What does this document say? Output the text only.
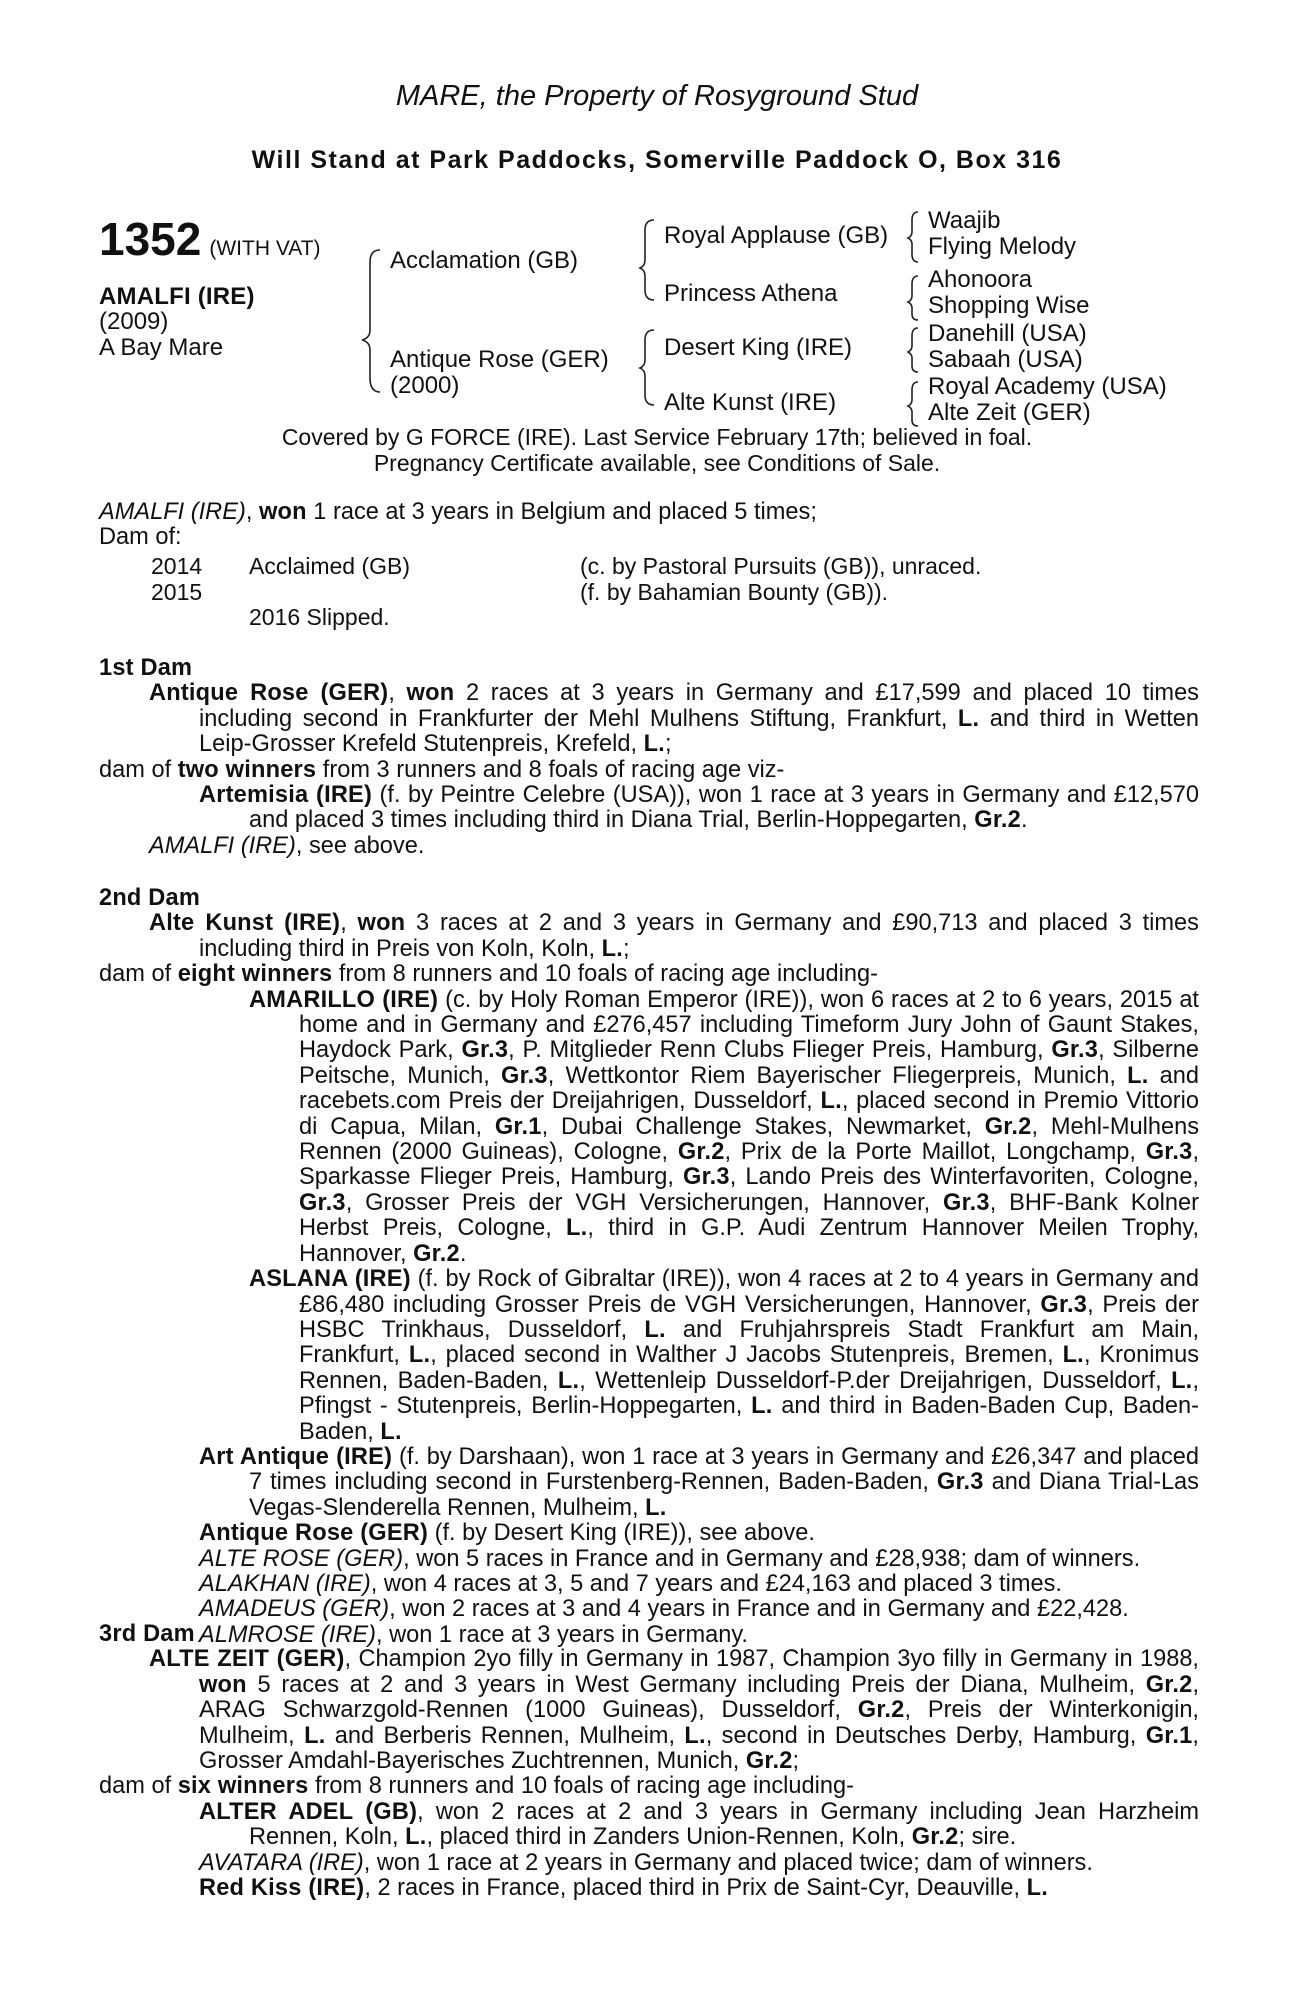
MARE, the Property of Rosyground Stud
Will Stand at Park Paddocks, Somerville Paddock O, Box 316
1352 (WITH VAT)
AMALFI (IRE)
(2009)
A Bay Mare
Acclamation (GB)
Antique Rose (GER)
(2000)
Royal Applause (GB)
Princess Athena
Desert King (IRE)
Alte Kunst (IRE)
Waajib
Flying Melody
Ahonoora
Shopping Wise
Danehill (USA)
Sabaah (USA)
Royal Academy (USA)
Alte Zeit (GER)
Covered by G FORCE (IRE). Last Service February 17th; believed in foal.
Pregnancy Certificate available, see Conditions of Sale.

AMALFI (IRE), won 1 race at 3 years in Belgium and placed 5 times;

Dam of:

2014 Acclaimed (GB)	(c. by Pastoral Pursuits (GB)), unraced.
2015	(f. by Bahamian Bounty (GB)).
2016 Slipped.

1st Dam

Antique Rose (GER), won 2 races at 3 years in Germany and £17,599 and placed 10 times including second in Frankfurter der Mehl Mulhens Stiftung, Frankfurt, L. and third in Wetten Leip-Grosser Krefeld Stutenpreis, Krefeld, L.;

dam of two winners from 3 runners and 8 foals of racing age viz-

Artemisia (IRE) (f. by Peintre Celebre (USA)), won 1 race at 3 years in Germany and £12,570 and placed 3 times including third in Diana Trial, Berlin-Hoppegarten, Gr.2.

AMALFI (IRE), see above.

2nd Dam

Alte Kunst (IRE), won 3 races at 2 and 3 years in Germany and £90,713 and placed 3 times including third in Preis von Koln, Koln, L.;

dam of eight winners from 8 runners and 10 foals of racing age including-

AMARILLO (IRE) (c. by Holy Roman Emperor (IRE)), won 6 races at 2 to 6 years, 2015 at home and in Germany and £276,457 including Timeform Jury John of Gaunt Stakes, Haydock Park, Gr.3, P. Mitglieder Renn Clubs Flieger Preis, Hamburg, Gr.3, Silberne Peitsche, Munich, Gr.3, Wettkontor Riem Bayerischer Fliegerpreis, Munich, L. and racebets.com Preis der Dreijahrigen, Dusseldorf, L., placed second in Premio Vittorio di Capua, Milan, Gr.1, Dubai Challenge Stakes, Newmarket, Gr.2, Mehl-Mulhens Rennen (2000 Guineas), Cologne, Gr.2, Prix de la Porte Maillot, Longchamp, Gr.3, Sparkasse Flieger Preis, Hamburg, Gr.3, Lando Preis des Winterfavoriten, Cologne, Gr.3, Grosser Preis der VGH Versicherungen, Hannover, Gr.3, BHF-Bank Kolner Herbst Preis, Cologne, L., third in G.P. Audi Zentrum Hannover Meilen Trophy, Hannover, Gr.2.

ASLANA (IRE) (f. by Rock of Gibraltar (IRE)), won 4 races at 2 to 4 years in Germany and £86,480 including Grosser Preis de VGH Versicherungen, Hannover, Gr.3, Preis der HSBC Trinkhaus, Dusseldorf, L. and Fruhjahrspreis Stadt Frankfurt am Main, Frankfurt, L., placed second in Walther J Jacobs Stutenpreis, Bremen, L., Kronimus Rennen, Baden-Baden, L., Wettenleip Dusseldorf-P.der Dreijahrigen, Dusseldorf, L., Pfingst - Stutenpreis, Berlin-Hoppegarten, L. and third in Baden-Baden Cup, Baden-Baden, L.

Art Antique (IRE) (f. by Darshaan), won 1 race at 3 years in Germany and £26,347 and placed 7 times including second in Furstenberg-Rennen, Baden-Baden, Gr.3 and Diana Trial-Las Vegas-Slenderella Rennen, Mulheim, L.

Antique Rose (GER) (f. by Desert King (IRE)), see above.

ALTE ROSE (GER), won 5 races in France and in Germany and £28,938; dam of winners.

ALAKHAN (IRE), won 4 races at 3, 5 and 7 years and £24,163 and placed 3 times.

AMADEUS (GER), won 2 races at 3 and 4 years in France and in Germany and £22,428.

ALMROSE (IRE), won 1 race at 3 years in Germany.

3rd Dam

ALTE ZEIT (GER), Champion 2yo filly in Germany in 1987, Champion 3yo filly in Germany in 1988, won 5 races at 2 and 3 years in West Germany including Preis der Diana, Mulheim, Gr.2, ARAG Schwarzgold-Rennen (1000 Guineas), Dusseldorf, Gr.2, Preis der Winterkonigin, Mulheim, L. and Berberis Rennen, Mulheim, L., second in Deutsches Derby, Hamburg, Gr.1, Grosser Amdahl-Bayerisches Zuchtrennen, Munich, Gr.2;

dam of six winners from 8 runners and 10 foals of racing age including-

ALTER ADEL (GB), won 2 races at 2 and 3 years in Germany including Jean Harzheim Rennen, Koln, L., placed third in Zanders Union-Rennen, Koln, Gr.2; sire.

AVATARA (IRE), won 1 race at 2 years in Germany and placed twice; dam of winners.

Red Kiss (IRE), 2 races in France, placed third in Prix de Saint-Cyr, Deauville, L.
